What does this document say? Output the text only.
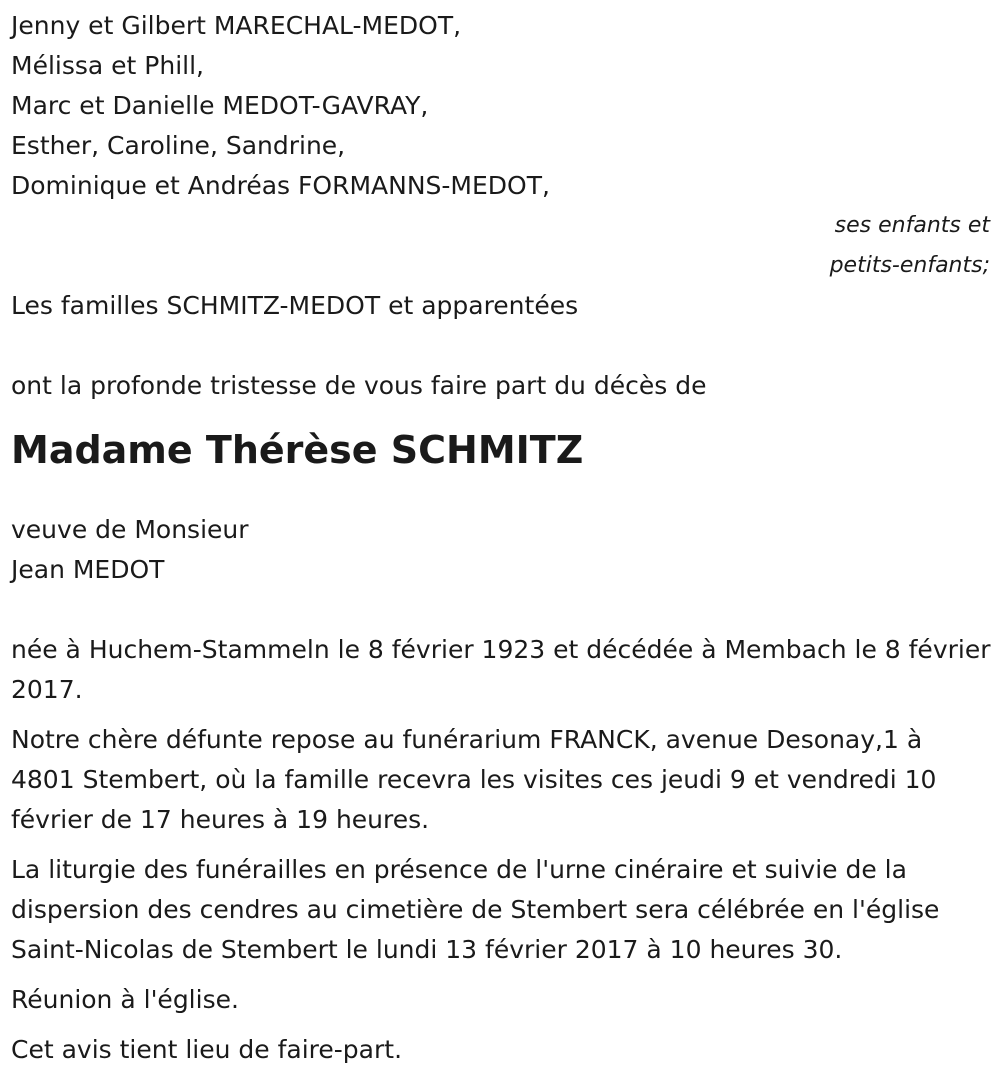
Jenny et Gilbert MARECHAL-MEDOT,
Mélissa et Phill,
Marc et Danielle MEDOT-GAVRAY,
Esther, Caroline, Sandrine,
Dominique et Andréas FORMANNS-MEDOT,
ses enfants et
petits-enfants;
Les familles SCHMITZ-MEDOT et apparentées
ont la profonde tristesse de vous faire part du décès de
Madame Thérèse SCHMITZ
veuve de Monsieur
Jean MEDOT
née à Huchem-Stammeln le 8 février 1923 et décédée à Membach le 8 février 2017.
Notre chère défunte repose au funérarium FRANCK, avenue Desonay,1 à 4801 Stembert, où la famille recevra les visites ces jeudi 9 et vendredi 10 février de 17 heures à 19 heures.
La liturgie des funérailles en présence de l'urne cinéraire et suivie de la dispersion des cendres au cimetière de Stembert sera célébrée en l'église Saint-Nicolas de Stembert le lundi 13 février 2017 à 10 heures 30.
Réunion à l'église.
Cet avis tient lieu de faire-part.
